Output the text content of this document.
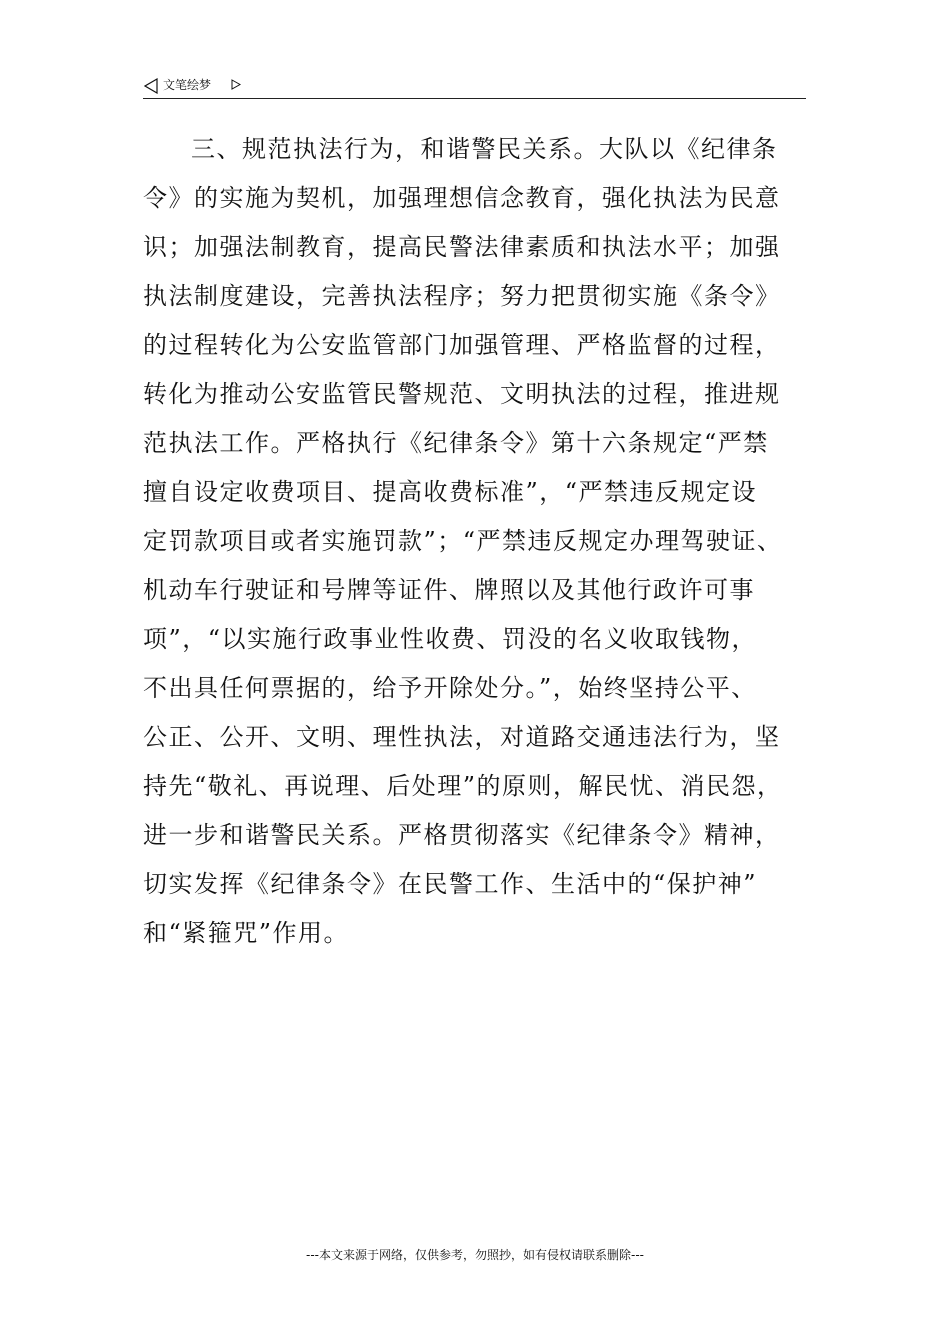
文笔绘梦
三、规范执法行为，和谐警民关系。大队以《纪律条
令》的实施为契机，加强理想信念教育，强化执法为民意
识；加强法制教育，提高民警法律素质和执法水平；加强
执法制度建设，完善执法程序；努力把贯彻实施《条令》
的过程转化为公安监管部门加强管理、严格监督的过程，
转化为推动公安监管民警规范、文明执法的过程，推进规
范执法工作。严格执行《纪律条令》第十六条规定“严禁
擅自设定收费项目、提高收费标准”，“严禁违反规定设
定罚款项目或者实施罚款”；“严禁违反规定办理驾驶证、
机动车行驶证和号牌等证件、牌照以及其他行政许可事
项”，“以实施行政事业性收费、罚没的名义收取钱物，
不出具任何票据的，给予开除处分。”，始终坚持公平、
公正、公开、文明、理性执法，对道路交通违法行为，坚
持先“敬礼、再说理、后处理”的原则，解民忧、消民怨，
进一步和谐警民关系。严格贯彻落实《纪律条令》精神，
切实发挥《纪律条令》在民警工作、生活中的“保护神”
和“紧箍咒”作用。
---本文来源于网络，仅供参考，勿照抄，如有侵权请联系删除---
